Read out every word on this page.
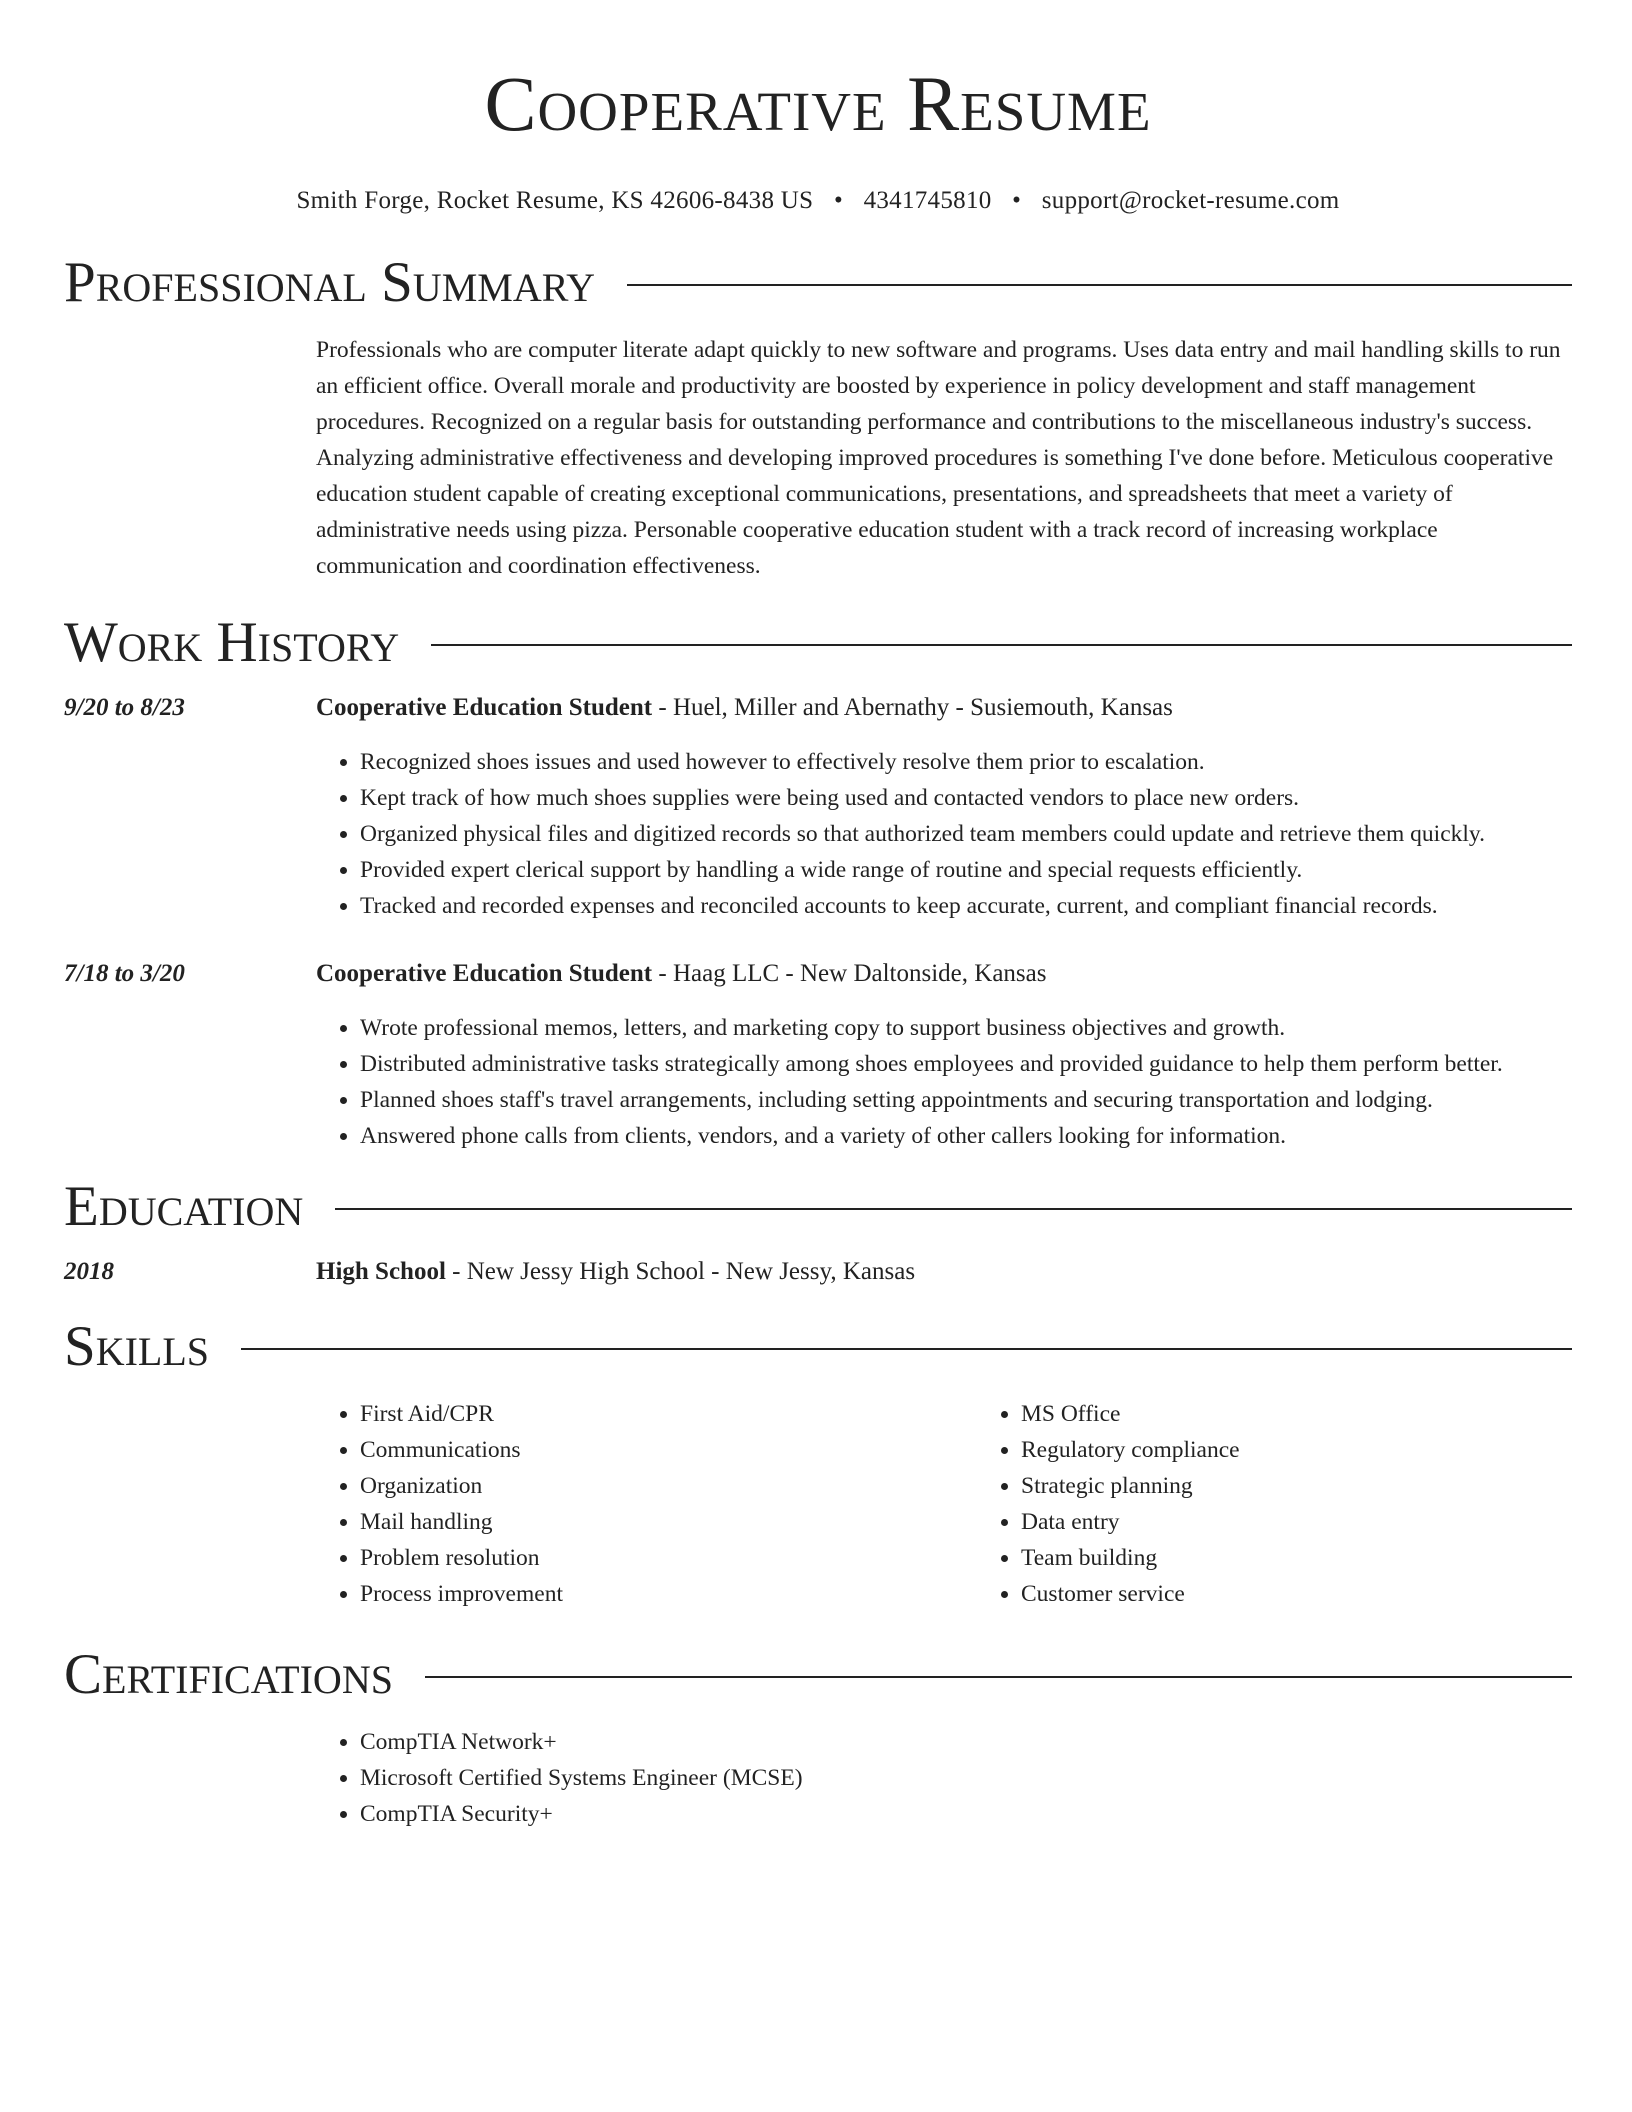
Cooperative Resume
Smith Forge, Rocket Resume, KS 42606-8438 US • 4341745810 • support@rocket-resume.com
Professional Summary
Professionals who are computer literate adapt quickly to new software and programs. Uses data entry and mail handling skills to run an efficient office. Overall morale and productivity are boosted by experience in policy development and staff management procedures. Recognized on a regular basis for outstanding performance and contributions to the miscellaneous industry's success. Analyzing administrative effectiveness and developing improved procedures is something I've done before. Meticulous cooperative education student capable of creating exceptional communications, presentations, and spreadsheets that meet a variety of administrative needs using pizza. Personable cooperative education student with a track record of increasing workplace communication and coordination effectiveness.
Work History
9/20 to 8/23	Cooperative Education Student - Huel, Miller and Abernathy - Susiemouth, Kansas
• Recognized shoes issues and used however to effectively resolve them prior to escalation.
• Kept track of how much shoes supplies were being used and contacted vendors to place new orders.
• Organized physical files and digitized records so that authorized team members could update and retrieve them quickly.
• Provided expert clerical support by handling a wide range of routine and special requests efficiently.
• Tracked and recorded expenses and reconciled accounts to keep accurate, current, and compliant financial records.
7/18 to 3/20	Cooperative Education Student - Haag LLC - New Daltonside, Kansas
• Wrote professional memos, letters, and marketing copy to support business objectives and growth.
• Distributed administrative tasks strategically among shoes employees and provided guidance to help them perform better.
• Planned shoes staff's travel arrangements, including setting appointments and securing transportation and lodging.
• Answered phone calls from clients, vendors, and a variety of other callers looking for information.
Education
2018	High School - New Jessy High School - New Jessy, Kansas
Skills
• First Aid/CPR
• Communications
• Organization
• Mail handling
• Problem resolution
• Process improvement
• MS Office
• Regulatory compliance
• Strategic planning
• Data entry
• Team building
• Customer service
Certifications
• CompTIA Network+
• Microsoft Certified Systems Engineer (MCSE)
• CompTIA Security+
